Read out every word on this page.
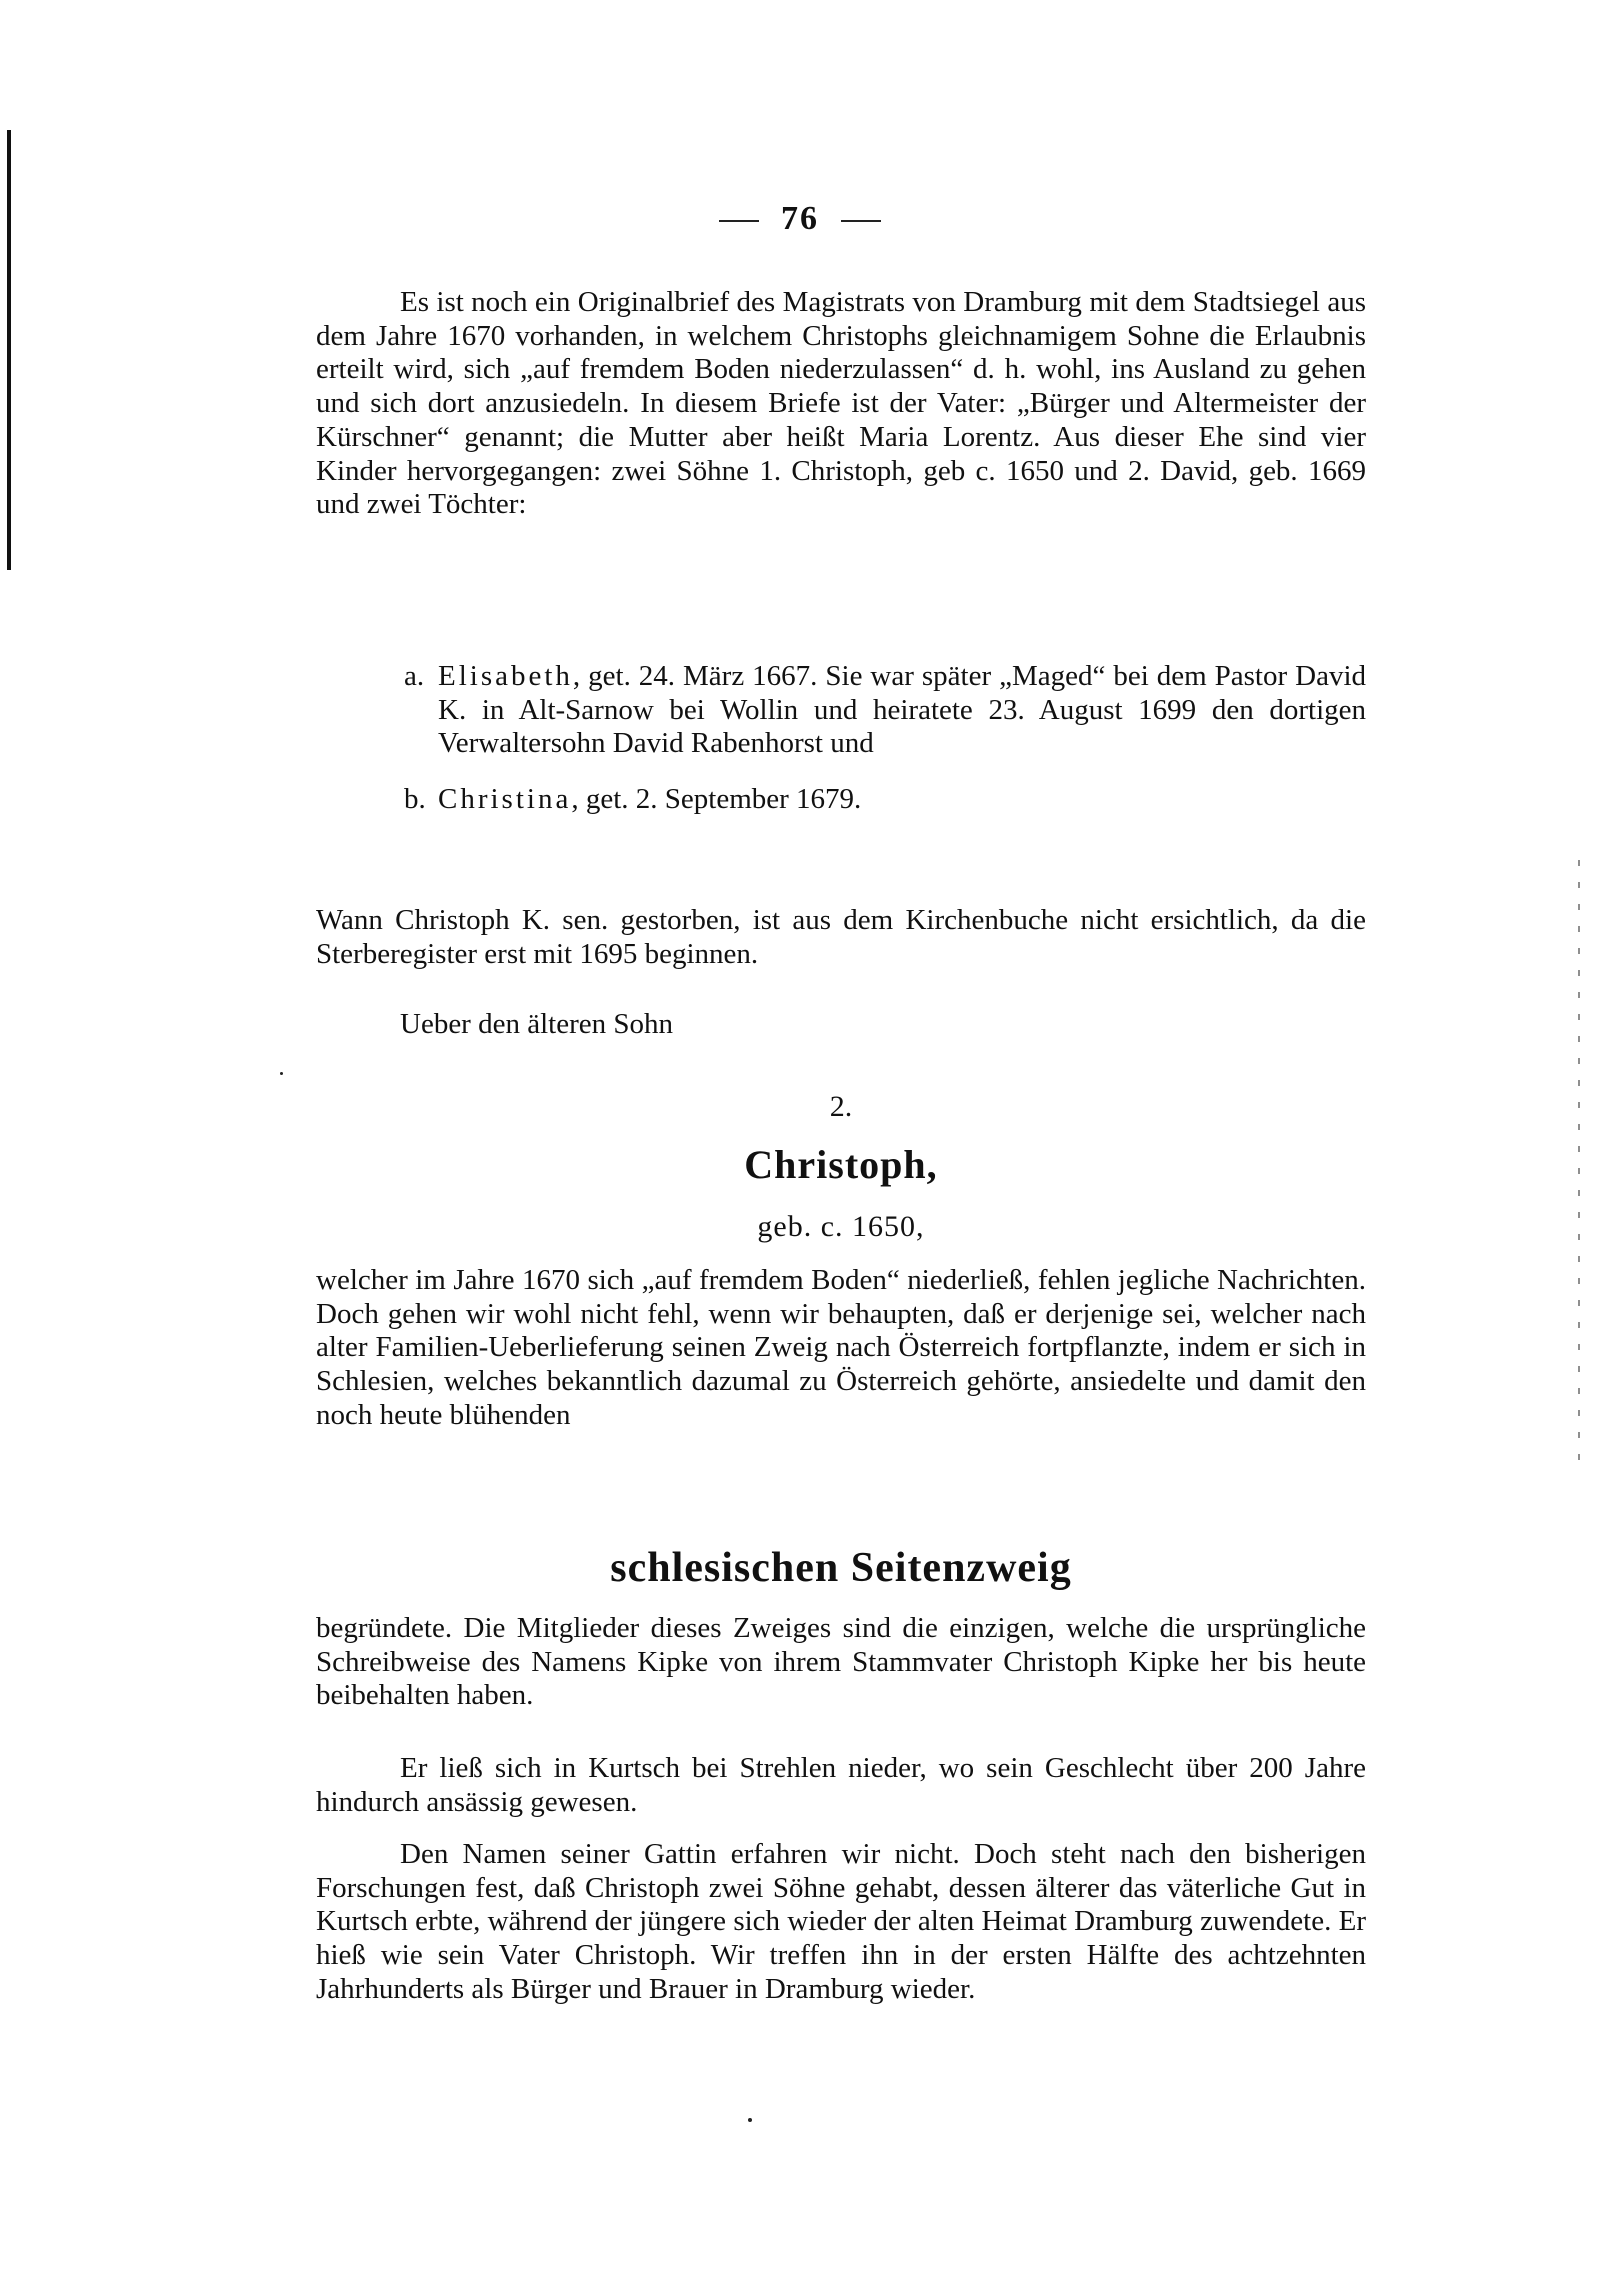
76

Es ist noch ein Originalbrief des Magistrats von Dramburg mit dem Stadtsiegel aus dem Jahre 1670 vorhanden, in welchem Christophs gleichnamigem Sohne die Erlaubnis erteilt wird, sich „auf fremdem Boden niederzulassen“ d. h. wohl, ins Ausland zu gehen und sich dort anzusiedeln. In diesem Briefe ist der Vater: „Bürger und Altermeister der Kürschner“ genannt; die Mutter aber heißt Maria Lorentz. Aus dieser Ehe sind vier Kinder hervorgegangen: zwei Söhne 1. Christoph, geb c. 1650 und 2. David, geb. 1669 und zwei Töchter:

a. Elisabeth, get. 24. März 1667. Sie war später „Maged“ bei dem Pastor David K. in Alt-Sarnow bei Wollin und heiratete 23. August 1699 den dortigen Verwaltersohn David Rabenhorst und

b. Christina, get. 2. September 1679.

Wann Christoph K. sen. gestorben, ist aus dem Kirchenbuche nicht ersichtlich, da die Sterberegister erst mit 1695 beginnen.

Ueber den älteren Sohn

2.
Christoph,
geb. c. 1650,

welcher im Jahre 1670 sich „auf fremdem Boden“ niederließ, fehlen jegliche Nachrichten. Doch gehen wir wohl nicht fehl, wenn wir behaupten, daß er derjenige sei, welcher nach alter Familien-Ueberlieferung seinen Zweig nach Österreich fortpflanzte, indem er sich in Schlesien, welches bekanntlich dazumal zu Österreich gehörte, ansiedelte und damit den noch heute blühenden

schlesischen Seitenzweig

begründete. Die Mitglieder dieses Zweiges sind die einzigen, welche die ursprüngliche Schreibweise des Namens Kipke von ihrem Stammvater Christoph Kipke her bis heute beibehalten haben.

Er ließ sich in Kurtsch bei Strehlen nieder, wo sein Geschlecht über 200 Jahre hindurch ansässig gewesen.

Den Namen seiner Gattin erfahren wir nicht. Doch steht nach den bisherigen Forschungen fest, daß Christoph zwei Söhne gehabt, dessen älterer das väterliche Gut in Kurtsch erbte, während der jüngere sich wieder der alten Heimat Dramburg zuwendete. Er hieß wie sein Vater Christoph. Wir treffen ihn in der ersten Hälfte des achtzehnten Jahrhunderts als Bürger und Brauer in Dramburg wieder.
